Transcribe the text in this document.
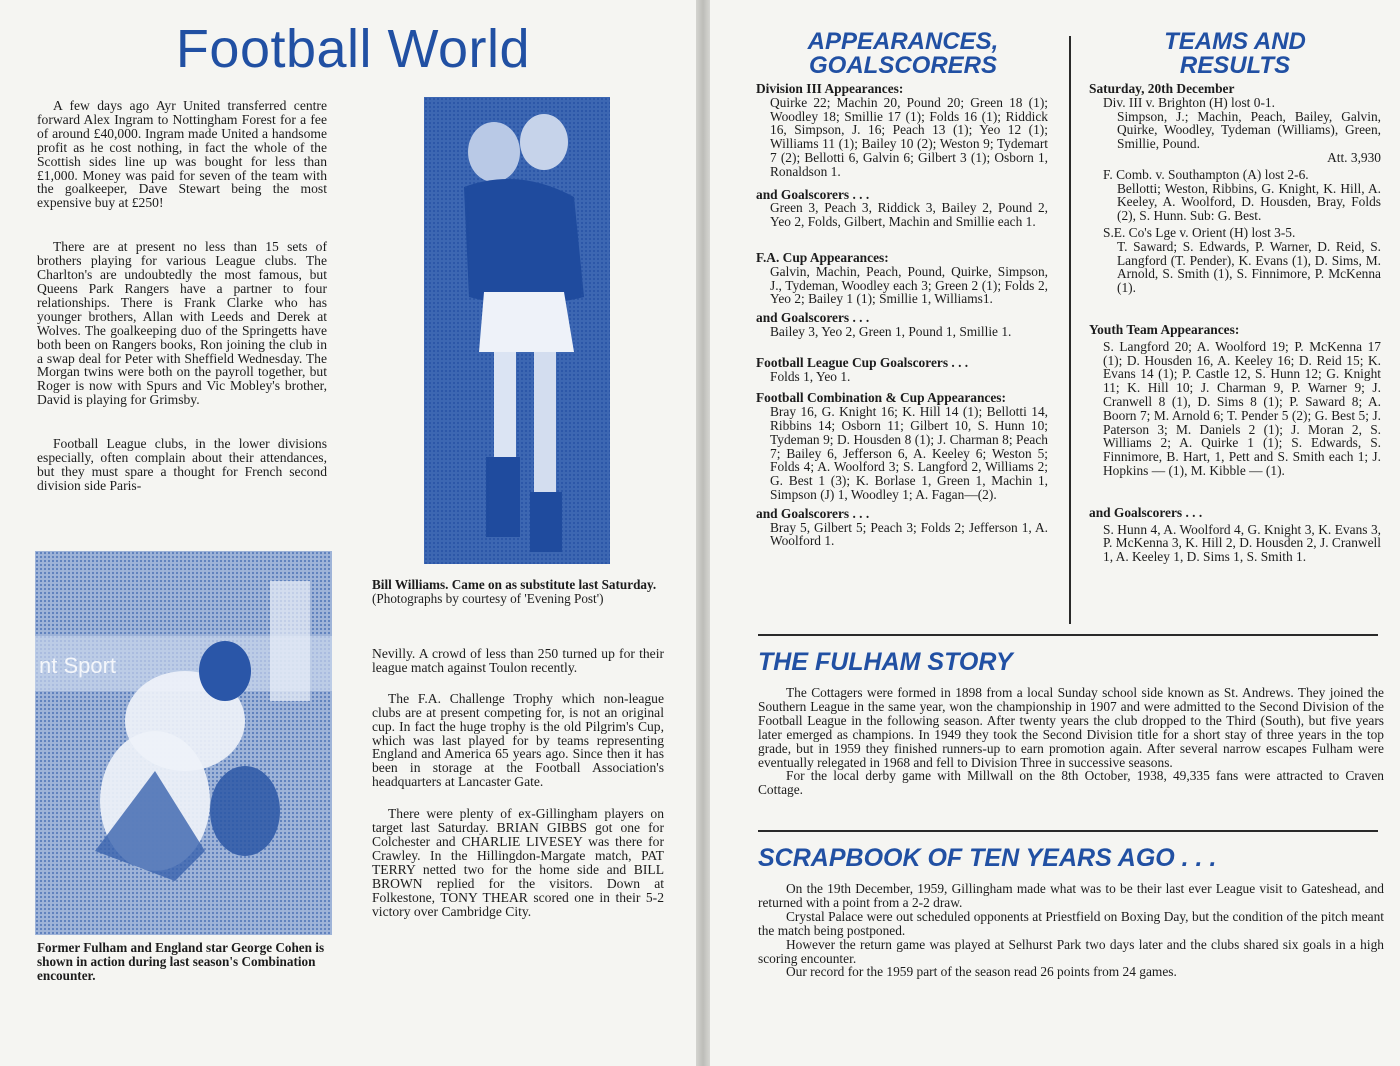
Football World

A few days ago Ayr United transferred centre forward Alex Ingram to Nottingham Forest for a fee of around £40,000. Ingram made United a handsome profit as he cost nothing, in fact the whole of the Scottish sides line up was bought for less than £1,000. Money was paid for seven of the team with the goalkeeper, Dave Stewart being the most expensive buy at £250!

There are at present no less than 15 sets of brothers playing for various League clubs. The Charlton's are undoubtedly the most famous, but Queens Park Rangers have a partner to four relationships. There is Frank Clarke who has younger brothers, Allan with Leeds and Derek at Wolves. The goalkeeping duo of the Springetts have both been on Rangers books, Ron joining the club in a swap deal for Peter with Sheffield Wednesday. The Morgan twins were both on the payroll together, but Roger is now with Spurs and Vic Mobley's brother, David is playing for Grimsby.

Football League clubs, in the lower divisions especially, often complain about their attendances, but they must spare a thought for French second division side Paris-

nt Sport
Former Fulham and England star George Cohen is shown in action during last season's Combination encounter.
Bill Williams. Came on as substitute last Saturday.
(Photographs by courtesy of 'Evening Post')

Nevilly. A crowd of less than 250 turned up for their league match against Toulon recently.

The F.A. Challenge Trophy which non-league clubs are at present competing for, is not an original cup. In fact the huge trophy is the old Pilgrim's Cup, which was last played for by teams representing England and America 65 years ago. Since then it has been in storage at the Football Association's headquarters at Lancaster Gate.

There were plenty of ex-Gillingham players on target last Saturday. BRIAN GIBBS got one for Colchester and CHARLIE LIVESEY was there for Crawley. In the Hillingdon-Margate match, PAT TERRY netted two for the home side and BILL BROWN replied for the visitors. Down at Folkestone, TONY THEAR scored one in their 5-2 victory over Cambridge City.

APPEARANCES,
GOALSCORERS
Division III Appearances:
Quirke 22; Machin 20, Pound 20; Green 18 (1); Woodley 18; Smillie 17 (1); Folds 16 (1); Riddick 16, Simpson, J. 16; Peach 13 (1); Yeo 12 (1); Williams 11 (1); Bailey 10 (2); Weston 9; Tydemart 7 (2); Bellotti 6, Galvin 6; Gilbert 3 (1); Osborn 1, Ronaldson 1.
and Goalscorers . . .
Green 3, Peach 3, Riddick 3, Bailey 2, Pound 2, Yeo 2, Folds, Gilbert, Machin and Smillie each 1.
F.A. Cup Appearances:
Galvin, Machin, Peach, Pound, Quirke, Simpson, J., Tydeman, Woodley each 3; Green 2 (1); Folds 2, Yeo 2; Bailey 1 (1); Smillie 1, Williams1.
and Goalscorers . . .
Bailey 3, Yeo 2, Green 1, Pound 1, Smillie 1.
Football League Cup Goalscorers . . .
Folds 1, Yeo 1.
Football Combination & Cup Appearances:
Bray 16, G. Knight 16; K. Hill 14 (1); Bellotti 14, Ribbins 14; Osborn 11; Gilbert 10, S. Hunn 10; Tydeman 9; D. Housden 8 (1); J. Charman 8; Peach 7; Bailey 6, Jefferson 6, A. Keeley 6; Weston 5; Folds 4; A. Woolford 3; S. Langford 2, Williams 2; G. Best 1 (3); K. Borlase 1, Green 1, Machin 1, Simpson (J) 1, Woodley 1; A. Fagan—(2).
and Goalscorers . . .
Bray 5, Gilbert 5; Peach 3; Folds 2; Jefferson 1, A. Woolford 1.
TEAMS AND
RESULTS
Saturday, 20th December
Div. III v. Brighton (H) lost 0-1.
Simpson, J.; Machin, Peach, Bailey, Galvin, Quirke, Woodley, Tydeman (Williams), Green, Smillie, Pound.
Att. 3,930
F. Comb. v. Southampton (A) lost 2-6.
Bellotti; Weston, Ribbins, G. Knight, K. Hill, A. Keeley, A. Woolford, D. Housden, Bray, Folds (2), S. Hunn. Sub: G. Best.
S.E. Co's Lge v. Orient (H) lost 3-5.
T. Saward; S. Edwards, P. Warner, D. Reid, S. Langford (T. Pender), K. Evans (1), D. Sims, M. Arnold, S. Smith (1), S. Finnimore, P. McKenna (1).
Youth Team Appearances:
S. Langford 20; A. Woolford 19; P. McKenna 17 (1); D. Housden 16, A. Keeley 16; D. Reid 15; K. Evans 14 (1); P. Castle 12, S. Hunn 12; G. Knight 11; K. Hill 10; J. Charman 9, P. Warner 9; J. Cranwell 8 (1), D. Sims 8 (1); P. Saward 8; A. Boorn 7; M. Arnold 6; T. Pender 5 (2); G. Best 5; J. Paterson 3; M. Daniels 2 (1); J. Moran 2, S. Williams 2; A. Quirke 1 (1); S. Edwards, S. Finnimore, B. Hart, 1, Pett and S. Smith each 1; J. Hopkins — (1), M. Kibble — (1).
and Goalscorers . . .
S. Hunn 4, A. Woolford 4, G. Knight 3, K. Evans 3, P. McKenna 3, K. Hill 2, D. Housden 2, J. Cranwell 1, A. Keeley 1, D. Sims 1, S. Smith 1.
THE FULHAM STORY

The Cottagers were formed in 1898 from a local Sunday school side known as St. Andrews. They joined the Southern League in the same year, won the championship in 1907 and were admitted to the Second Division of the Football League in the following season. After twenty years the club dropped to the Third (South), but five years later emerged as champions. In 1949 they took the Second Division title for a short stay of three years in the top grade, but in 1959 they finished runners-up to earn promotion again. After several narrow escapes Fulham were eventually relegated in 1968 and fell to Division Three in successive seasons.

For the local derby game with Millwall on the 8th October, 1938, 49,335 fans were attracted to Craven Cottage.

SCRAPBOOK OF TEN YEARS AGO . . .

On the 19th December, 1959, Gillingham made what was to be their last ever League visit to Gateshead, and returned with a point from a 2-2 draw.

Crystal Palace were out scheduled opponents at Priestfield on Boxing Day, but the condition of the pitch meant the match being postponed.

However the return game was played at Selhurst Park two days later and the clubs shared six goals in a high scoring encounter.

Our record for the 1959 part of the season read 26 points from 24 games.
